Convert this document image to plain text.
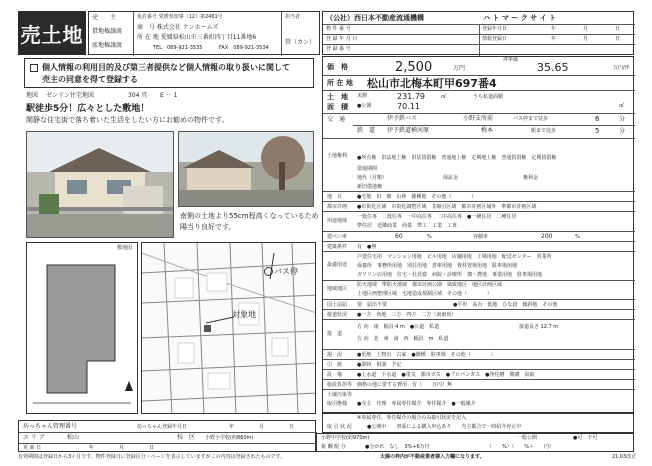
売土地
売　　主
借地権譲渡
底地権譲渡
免許番号 愛媛県知事（12）第2461号
商　号 株式会社 ケンホームズ
所 在 地 愛媛県松山市三番町四丁目11番地6
TEL　089-921-3535	FAX　089-921-3534
担当者
管（カン）
（公社）西日本不動産流通機構	ハ ト マ ー ク サ イ ト
物 件 番 号
登 録 年 月 日
登 録 番 号
登録年月日	年	月	日
情報登録日	年	月	日
個人情報の利用目的及び第三者提供など個人情報の取り扱いに関して
売主の同意を得て登録する
地図 ゼンリン住宅地図	304 頁 E － 1
駅徒歩5分！広々とした敷地！
閑静な住宅街で落ち着いた生活をしたい方にお勧めの物件です。
南側の土地より55cm程高くなっているため
陽当り良好です。
敷地図
バス停
対象地
価　格	2,500	万円
坪単価
35.65	万円/坪
所 在 地 松山市北梅本町甲697番4
土　地
面　積
実測	231.79
●公簿	70.11
㎡	うち私道面積
㎡
交　通	伊予鉄バス	小野支所前	バス停まで徒歩	6	分
鉄　道 伊予鉄道横河原	梅本	駅まで徒歩	5	分
土地権利 ●所有権　旧法地上権　旧法賃借権　普通地上権　定期地上権　普通賃借権　定期賃借権
借地期間
地代（月額）	保証金	権利金
新旧借地権
地　目	●宅地　田　畑　山林　雑種地　その他（　　　　）
都市計画 ●市街化区域　市街化調整区域　非線引区域　都市計画区域外　準都市計画区域
用途地域
一低住専　二低住専　一中高住専　二中高住専　●一種住居　二種住居
準住居　近隣商業　商業　準工　工業　工専
建ぺい率	60	%	容積率	200	%
建築条件 有　●無
最適用途
戸建住宅用　マンション用地　ビル用地　店舗用地　工場用地　配送センター　営業所
保養所　事務所用地　別荘用地　倉庫用地　資材置場用地　駐車場用地
ガソリン店用地　住宅・社員寮　病院・診療所　畑・農地　事業用地　駐車場用地
地域地区
防火地域　準防火地域　都市計画公園　風致地区　地区計画区域
土地区画整理区域　宅地造成規制区域　その他（　　　　）
国土法届 要　届出不要	●平坦　高台　低地　ひな段　傾斜地　その他
接道状況 ●一方　角地　三方　四方　二方（南東角）
接　道
方 向　南　幅員 4 m　●公道　私道	接道長さ 12.7 m
方 向　北　東　南　西　幅員　m　私道
現　況	●更地　上物有　古家　●雑種　駐車場　その他（　　　　）
引　渡	●即時　相談　予定
設　備	●上水道　下水道　●電気　都市ガス　●プロパンガス　●浄化槽　側溝　汲取
施設負担等 価格の他に要する費用　有（　　万円）無
土壌汚染等
取引態様 ●売主　代理　専属専任媒介　専任媒介　●一般媒介
※専属専任、専任媒介の場合のみ取引状況を記入
取 引 状 況	●公開中　　書面による購入申込あり　　売主都合で一時紹介停止中
坊っちゃん管理番号	坊っちゃん登録年月日	年	月	日
エ リ ア	松山	校　区 小野小学校(約860m)
更 新 日	年	月	日
小野中学校(約970m)	一般公開	●可　不可
報 酬 配 分	●分かれ　なし　3%+6万円	（　　%）（　　%＋　　円）
有効期間は登録日から3ヶ月です。物件登録日に登録区分・ページを表示していますがこの内容は登録されたものです。	太線の枠内が不動産業者様入力欄になります。	21.03改正
